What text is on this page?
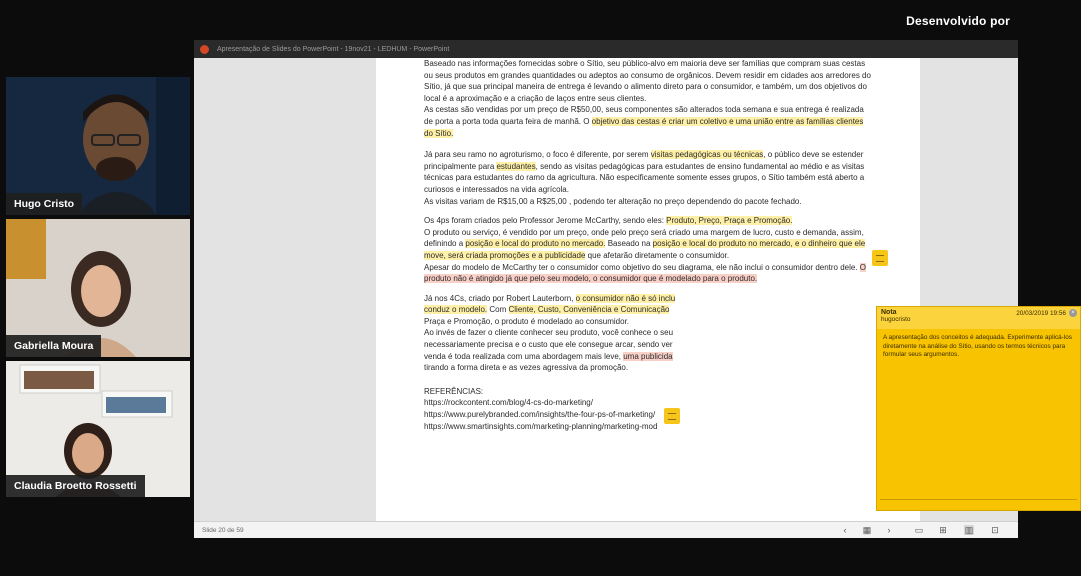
Desenvolvido por
Hugo Cristo
Gabriella Moura
Claudia Broetto Rossetti
Apresentação de Slides do PowerPoint - 19nov21 - LEDHUM - PowerPoint

Baseado nas informações fornecidas sobre o Sítio, seu público-alvo em maioria deve ser famílias que compram suas cestas ou seus produtos em grandes quantidades ou adeptos ao consumo de orgânicos. Devem residir em cidades aos arredores do Sítio, já que sua principal maneira de entrega é levando o alimento direto para o consumidor, e também, um dos objetivos do local é a aproximação e a criação de laços entre seus clientes.
As cestas são vendidas por um preço de R$50,00, seus componentes são alterados toda semana e sua entrega é realizada de porta a porta toda quarta feira de manhã. O objetivo das cestas é criar um coletivo e uma união entre as famílias clientes do Sítio.

Já para seu ramo no agroturismo, o foco é diferente, por serem visitas pedagógicas ou técnicas, o público deve se estender principalmente para estudantes, sendo as visitas pedagógicas para estudantes de ensino fundamental ao médio e as visitas técnicas para estudantes do ramo da agricultura. Não especificamente somente esses grupos, o Sítio também está aberto a curiosos e interessados na vida agrícola.
As visitas variam de R$15,00 a R$25,00 , podendo ter alteração no preço dependendo do pacote fechado.

Os 4ps foram criados pelo Professor Jerome McCarthy, sendo eles: Produto, Preço, Praça e Promoção.
O produto ou serviço, é vendido por um preço, onde pelo preço será criado uma margem de lucro, custo e demanda, assim, definindo a posição e local do produto no mercado. Baseado na posição e local do produto no mercado, e o dinheiro que ele move, será criada promoções e a publicidade que afetarão diretamente o consumidor.
Apesar do modelo de McCarthy ter o consumidor como objetivo do seu diagrama, ele não inclui o consumidor dentro dele. O produto não é atingido já que pelo seu modelo, o consumidor que é modelado para o produto.

Já nos 4Cs, criado por Robert Lauterborn, o consumidor não é só inclu conduz o modelo. Com Cliente, Custo, Conveniência e Comunicação Praça e Promoção, o produto é modelado ao consumidor.
Ao invés de fazer o cliente conhecer seu produto, você conhece o seu
necessariamente precisa e o custo que ele consegue arcar, sendo ver
venda é toda realizada com uma abordagem mais leve, uma publicida
tirando a forma direta e as vezes agressiva da promoção.

REFERÊNCIAS:
https://rockcontent.com/blog/4-cs-do-marketing/
https://www.purelybranded.com/insights/the-four-ps-of-marketing/
https://www.smartinsights.com/marketing-planning/marketing-mod
Nota
hugocristo
20/03/2019 19:56 ×
A apresentação dos conceitos é adequada. Experimente aplicá-los diretamente na análise do Sítio, usando os termos técnicos para formular seus argumentos.
Slide 20 de 59	‹	▦	›	▭ ⊞ ▥ ⊡
